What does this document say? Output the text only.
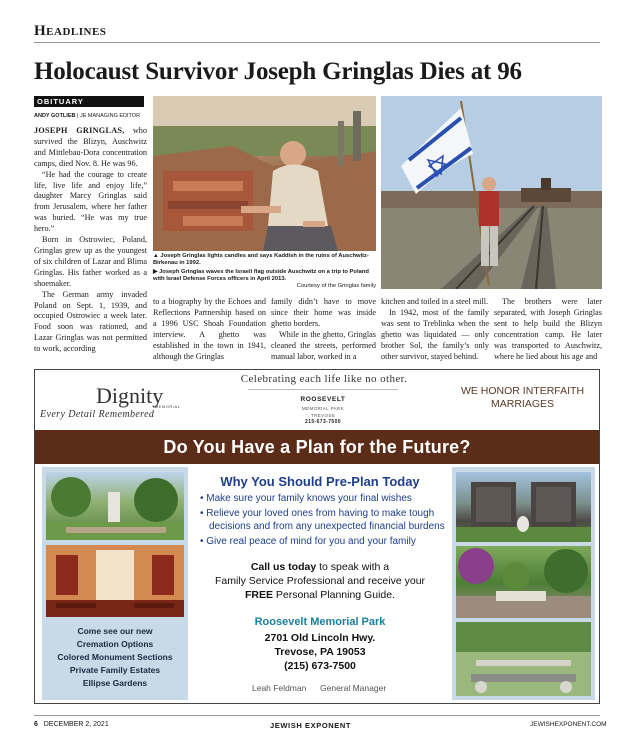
Headlines
Holocaust Survivor Joseph Gringlas Dies at 96
OBITUARY
ANDY GOTLIEB | JE MANAGING EDITOR

JOSEPH GRINGLAS, who survived the Blizyn, Auschwitz and Mittlebau-Dora concentration camps, died Nov. 8. He was 96.

“He had the courage to create life, live life and enjoy life,” daughter Marcy Gringlas said from Jerusalem, where her father was buried. “He was my true hero.”

Born in Ostrowiec, Poland, Gringlas grew up as the youngest of six children of Lazar and Blima Gringlas. His father worked as a shoemaker.

The German army invaded Poland on Sept. 1, 1939, and occupied Ostrowiec a week later. Food soon was rationed, and Lazar Gringlas was not permitted to work, according

▲ Joseph Gringlas lights candles and says Kaddish in the ruins of Auschwitz-Birkenau in 1992.
▶ Joseph Gringlas waves the Israeli flag outside Auschwitz on a trip to Poland with Israel Defense Forces officers in April 2013.
Courtesy of the Gringlas family

to a biography by the Echoes and Reflections Partnership based on a 1996 USC Shoah Foundation interview. A ghetto was established in the town in 1941, although the Gringlas

family didn’t have to move since their home was inside ghetto borders.

While in the ghetto, Gringlas cleaned the streets, performed manual labor, worked in a

kitchen and toiled in a steel mill.

In 1942, most of the family was sent to Treblinka when the ghetto was liquidated — only brother Sol, the family’s only other survivor, stayed behind.

The brothers were later separated, with Joseph Gringlas sent to help build the Blizyn concentration camp. He later was transported to Auschwitz, where he lied about his age and

Dignity
MEMORIAL
Every Detail Remembered
Celebrating each life like no other.
ROOSEVELT
MEMORIAL PARK
TREVOSE
215-673-7500
WE HONOR INTERFAITH MARRIAGES
Do You Have a Plan for the Future?
Come see our new
Cremation Options
Colored Monument Sections
Private Family Estates
Ellipse Gardens
Why You Should Pre-Plan Today
• Make sure your family knows your final wishes
• Relieve your loved ones from having to make tough decisions and from any unexpected financial burdens
• Give real peace of mind for you and your family
Call us today to speak with a
Family Service Professional and receive your
FREE Personal Planning Guide.
Roosevelt Memorial Park
2701 Old Lincoln Hwy.
Trevose, PA 19053
(215) 673-7500
Leah Feldman General Manager
6 DECEMBER 2, 2021	JEWISH EXPONENT	JEWISHEXPONENT.COM
